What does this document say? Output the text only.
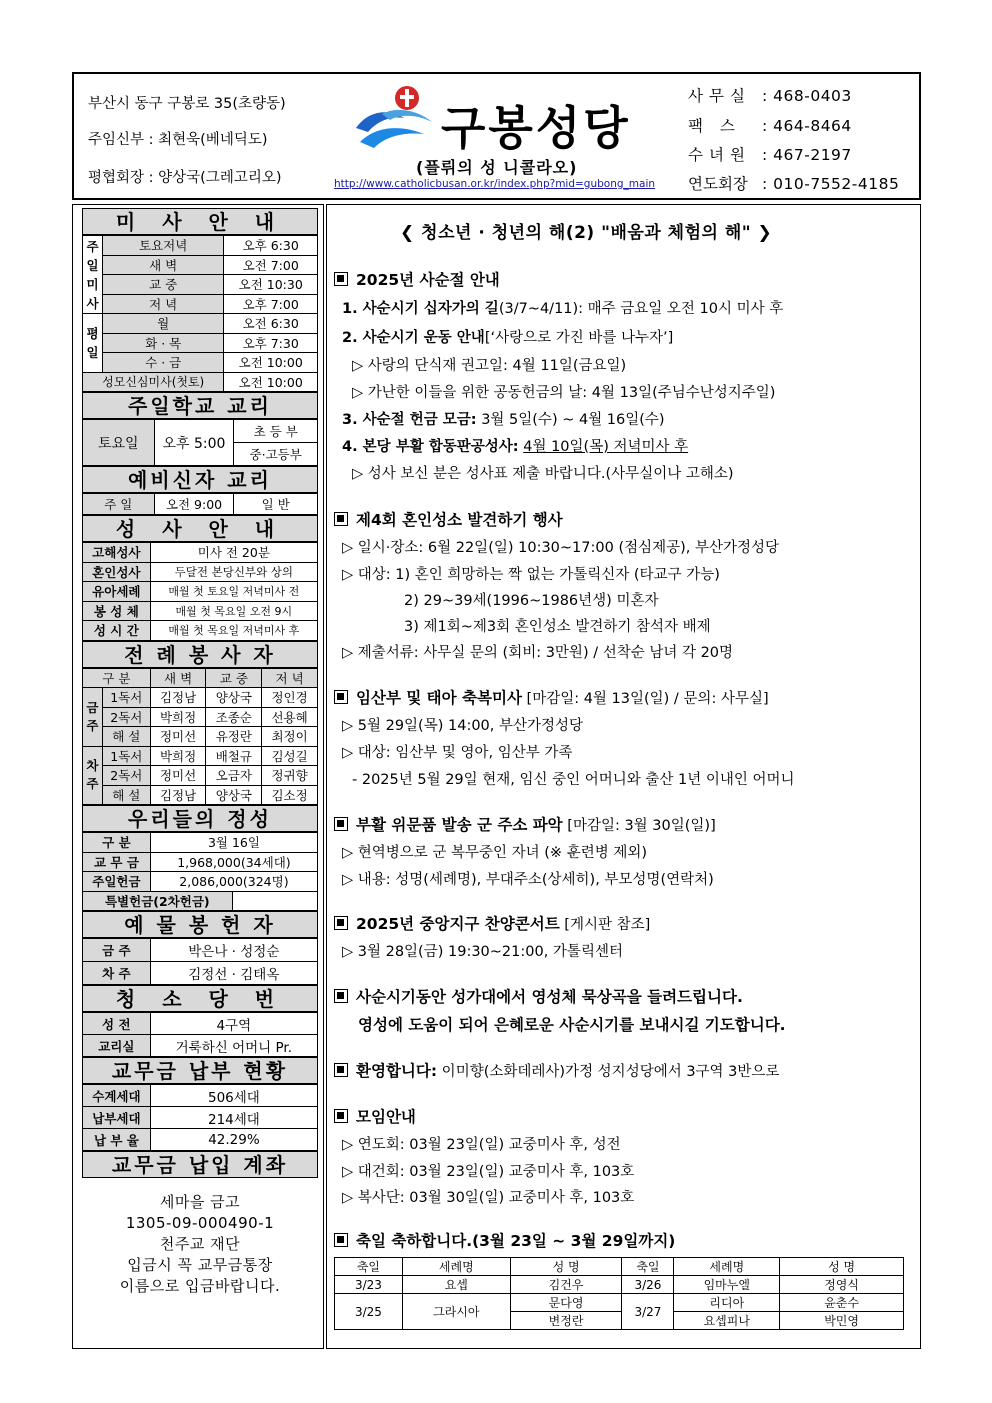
부산시 동구 구봉로 35(초량동)
주임신부 : 최현욱(베네딕도)
평협회장 : 양상국(그레고리오)
구봉성당
(플뤼의 성 니콜라오)
http://www.catholicbusan.or.kr/index.php?mid=gubong_main
사무실 : 468-0403
팩 스 : 464-8464
수녀원 : 467-2197
연도회장 : 010-7552-4185
미 사 안 내
주일미사	토요저녁	오후 6:30
	새 벽	오전 7:00
	교 중	오전 10:30
	저 녁	오후 7:00
평일	월	오전 6:30
	화 · 목	오후 7:30
	수 · 금	오전 10:00
성모신심미사(첫토)		오전 10:00
주일학교 교리
토요일	오후 5:00	초 등 부
중·고등부
예비신자 교리
주 일	오전 9:00	일 반
성 사 안 내
고해성사	미사 전 20분
혼인성사	두달전 본당신부와 상의
유아세례	매월 첫 토요일 저녁미사 전
봉 성 체	매월 첫 목요일 오전 9시
성 시 간	매월 첫 목요일 저녁미사 후
전 례 봉 사 자
구 분		새 벽	교 중	저 녁
금주	1독서	김정남	양상국	정인경
	2독서	박희정	조종순	선용혜
	해 설	정미선	유정란	최정이
차주	1독서	박희정	배철규	김성길
	2독서	정미선	오금자	정귀향
	해 설	김정남	양상국	김소정
우리들의 정성
구 분	3월 16일	
교 무 금	1,968,000(34세대)	
주일헌금	2,086,000(324명)	
특별헌금(2차헌금)		
예 물 봉 헌 자
금 주	박은나 · 성정순
차 주	김정선 · 김태옥
청 소 당 번
성 전	4구역
교리실	거룩하신 어머니 Pr.
교무금 납부 현황
수계세대	506세대
납부세대	214세대
납 부 율	42.29%
교무금 납입 계좌
세마을 금고
1305-09-000490-1
천주교 재단
입금시 꼭 교무금통장
이름으로 입금바랍니다.
❮ 청소년 · 청년의 해(2) "배움과 체험의 해" ❯
2025년 사순절 안내
1. 사순시기 십자가의 길(3/7~4/11): 매주 금요일 오전 10시 미사 후
2. 사순시기 운동 안내[‘사랑으로 가진 바를 나누자’]
▷ 사랑의 단식재 권고일: 4월 11일(금요일)
▷ 가난한 이들을 위한 공동헌금의 날: 4월 13일(주님수난성지주일)
3. 사순절 헌금 모금: 3월 5일(수) ~ 4월 16일(수)
4. 본당 부활 합동판공성사: 4월 10일(목) 저녁미사 후
▷ 성사 보신 분은 성사표 제출 바랍니다.(사무실이나 고해소)
제4회 혼인성소 발견하기 행사
▷ 일시·장소: 6월 22일(일) 10:30~17:00 (점심제공), 부산가정성당
▷ 대상: 1) 혼인 희망하는 짝 없는 가톨릭신자 (타교구 가능)
2) 29~39세(1996~1986년생) 미혼자
3) 제1회~제3회 혼인성소 발견하기 참석자 배제
▷ 제출서류: 사무실 문의 (회비: 3만원) / 선착순 남녀 각 20명
임산부 및 태아 축복미사 [마감일: 4월 13일(일) / 문의: 사무실]
▷ 5월 29일(목) 14:00, 부산가정성당
▷ 대상: 임산부 및 영아, 임산부 가족
- 2025년 5월 29일 현재, 임신 중인 어머니와 출산 1년 이내인 어머니
부활 위문품 발송 군 주소 파악 [마감일: 3월 30일(일)]
▷ 현역병으로 군 복무중인 자녀 (※ 훈련병 제외)
▷ 내용: 성명(세례명), 부대주소(상세히), 부모성명(연락처)
2025년 중앙지구 찬양콘서트 [게시판 참조]
▷ 3월 28일(금) 19:30~21:00, 가톨릭센터
사순시기동안 성가대에서 영성체 묵상곡을 들려드립니다.
영성에 도움이 되어 은혜로운 사순시기를 보내시길 기도합니다.
환영합니다: 이미향(소화데레사)가정 성지성당에서 3구역 3반으로
모임안내
▷ 연도회: 03월 23일(일) 교중미사 후, 성전
▷ 대건회: 03월 23일(일) 교중미사 후, 103호
▷ 복사단: 03월 30일(일) 교중미사 후, 103호
축일 축하합니다.(3월 23일 ~ 3월 29일까지)
축일	세례명	성 명	축일	세례명	성 명
3/23	요셉	김건우	3/26	임마누엘	정영식
3/25	그라시아	문다영	3/27	리디아	윤춘수
		변정란		요셉피나	박민영
